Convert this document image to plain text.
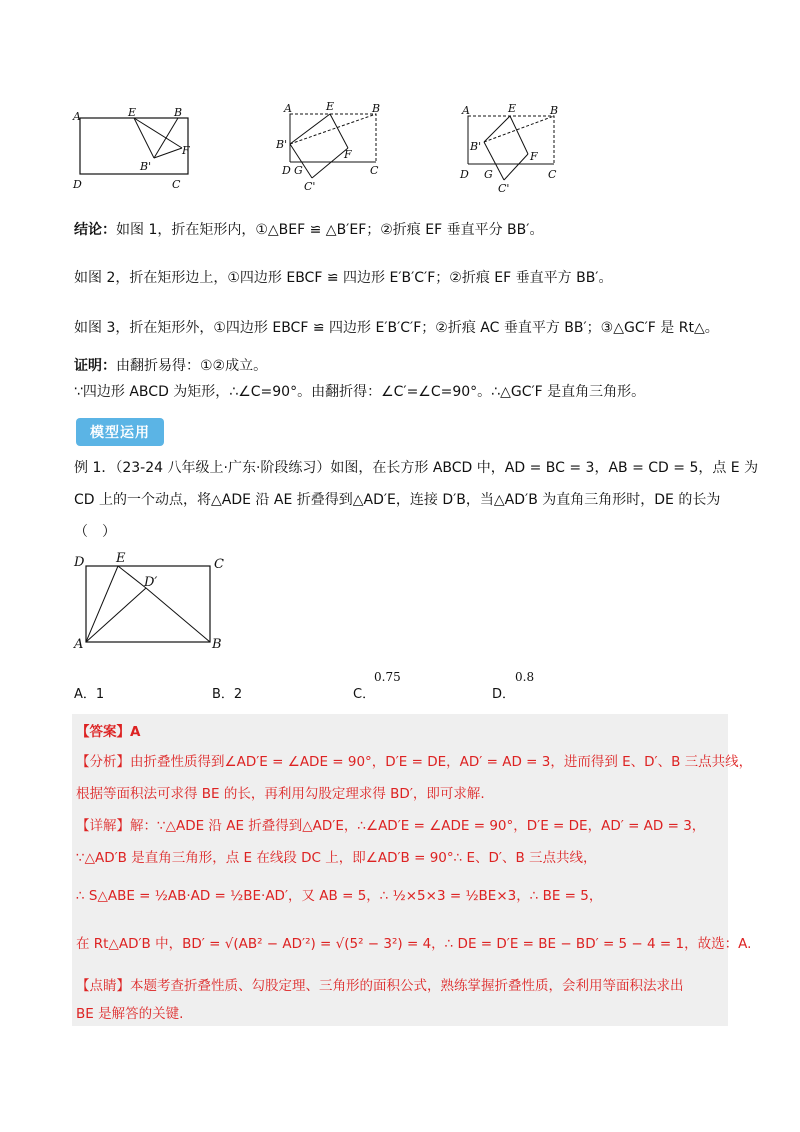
A	E	B
B'
F
D	C
A	E	B
B'
F
D G
C'
C
A	E	B
B'
F
D G
C'
C
结论：如图 1，折在矩形内，①△BEF ≌ △B′EF；②折痕 EF 垂直平分 BB′。
如图 2，折在矩形边上，①四边形 EBCF ≌ 四边形 E′B′C′F；②折痕 EF 垂直平方 BB′。
如图 3，折在矩形外，①四边形 EBCF ≌ 四边形 E′B′C′F；②折痕 AC 垂直平方 BB′；③△GC′F 是 Rt△。
证明：由翻折易得：①②成立。
∵四边形 ABCD 为矩形，∴∠C=90°。由翻折得：∠C′=∠C=90°。∴△GC′F 是直角三角形。
模型运用
例 1．（23-24 八年级上·广东·阶段练习）如图，在长方形 ABCD 中，AD = BC = 3，AB = CD = 5，点 E 为
CD 上的一个动点，将△ADE 沿 AE 折叠得到△AD′E，连接 D′B，当△AD′B 为直角三角形时，DE 的长为
（　）
D E	C
D′
A	B
A．1	B．2	C．
0.75
D．
0.8
【答案】A
【分析】由折叠性质得到∠AD′E = ∠ADE = 90°，D′E = DE，AD′ = AD = 3，进而得到 E、D′、B 三点共线，
根据等面积法可求得 BE 的长，再利用勾股定理求得 BD′，即可求解.
【详解】解：∵△ADE 沿 AE 折叠得到△AD′E，∴∠AD′E = ∠ADE = 90°，D′E = DE，AD′ = AD = 3，
∵△AD′B 是直角三角形，点 E 在线段 DC 上，即∠AD′B = 90°∴ E、D′、B 三点共线，
∴ S△ABE = ½AB·AD = ½BE·AD′，又 AB = 5，∴ ½×5×3 = ½BE×3，∴ BE = 5，
在 Rt△AD′B 中，BD′ = √(AB² − AD′²) = √(5² − 3²) = 4，∴ DE = D′E = BE − BD′ = 5 − 4 = 1，故选：A.
【点睛】本题考查折叠性质、勾股定理、三角形的面积公式，熟练掌握折叠性质，会利用等面积法求出
BE 是解答的关键.
